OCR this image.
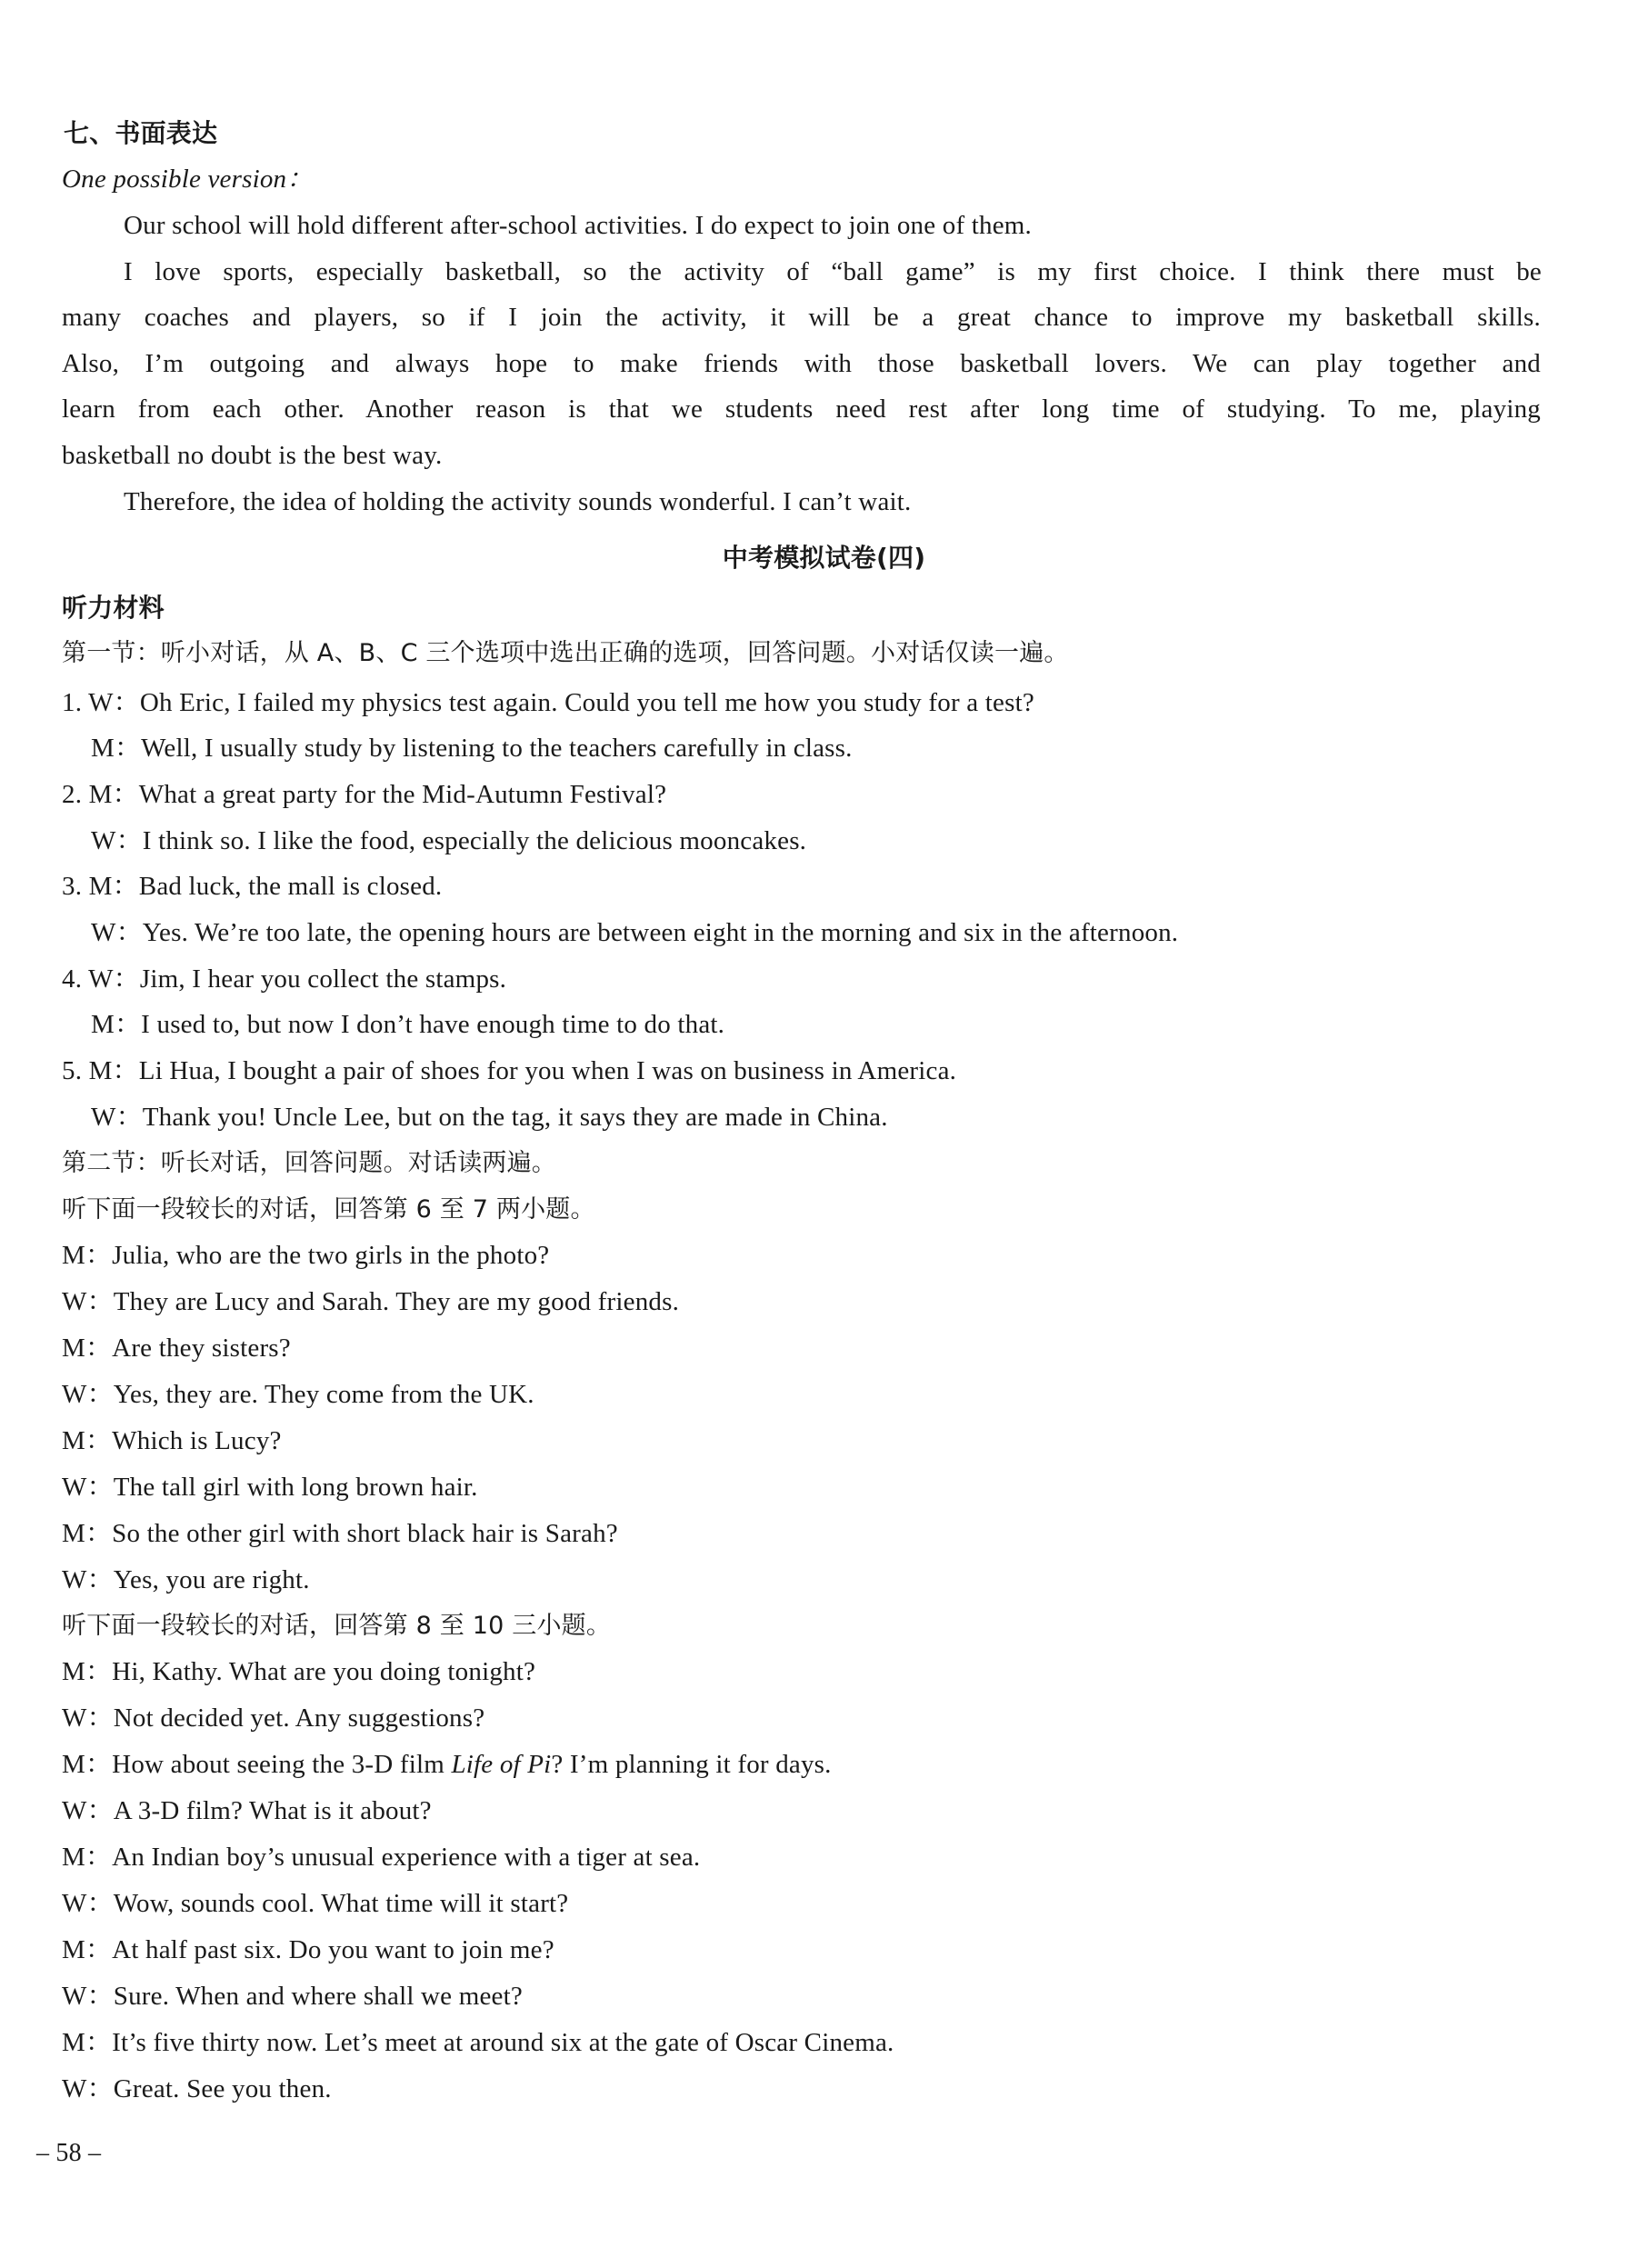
七、书面表达
One possible version：
Our school will hold different after-school activities. I do expect to join one of them.
I love sports, especially basketball, so the activity of “ball game” is my first choice. I think there must be
many coaches and players, so if I join the activity, it will be a great chance to improve my basketball skills.
Also, I’m outgoing and always hope to make friends with those basketball lovers. We can play together and
learn from each other. Another reason is that we students need rest after long time of studying. To me, playing
basketball no doubt is the best way.
Therefore, the idea of holding the activity sounds wonderful. I can’t wait.
中考模拟试卷(四)
听力材料
第一节：听小对话，从 A、B、C 三个选项中选出正确的选项，回答问题。小对话仅读一遍。
1. W：Oh Eric, I failed my physics test again. Could you tell me how you study for a test?
M：Well, I usually study by listening to the teachers carefully in class.
2. M：What a great party for the Mid-Autumn Festival?
W：I think so. I like the food, especially the delicious mooncakes.
3. M：Bad luck, the mall is closed.
W：Yes. We’re too late, the opening hours are between eight in the morning and six in the afternoon.
4. W：Jim, I hear you collect the stamps.
M：I used to, but now I don’t have enough time to do that.
5. M：Li Hua, I bought a pair of shoes for you when I was on business in America.
W：Thank you! Uncle Lee, but on the tag, it says they are made in China.
第二节：听长对话，回答问题。对话读两遍。
听下面一段较长的对话，回答第 6 至 7 两小题。
M：Julia, who are the two girls in the photo?
W：They are Lucy and Sarah. They are my good friends.
M：Are they sisters?
W：Yes, they are. They come from the UK.
M：Which is Lucy?
W：The tall girl with long brown hair.
M：So the other girl with short black hair is Sarah?
W：Yes, you are right.
听下面一段较长的对话，回答第 8 至 10 三小题。
M：Hi, Kathy. What are you doing tonight?
W：Not decided yet. Any suggestions?
M：How about seeing the 3-D film Life of Pi? I’m planning it for days.
W：A 3-D film? What is it about?
M：An Indian boy’s unusual experience with a tiger at sea.
W：Wow, sounds cool. What time will it start?
M：At half past six. Do you want to join me?
W：Sure. When and where shall we meet?
M：It’s five thirty now. Let’s meet at around six at the gate of Oscar Cinema.
W：Great. See you then.
– 58 –
